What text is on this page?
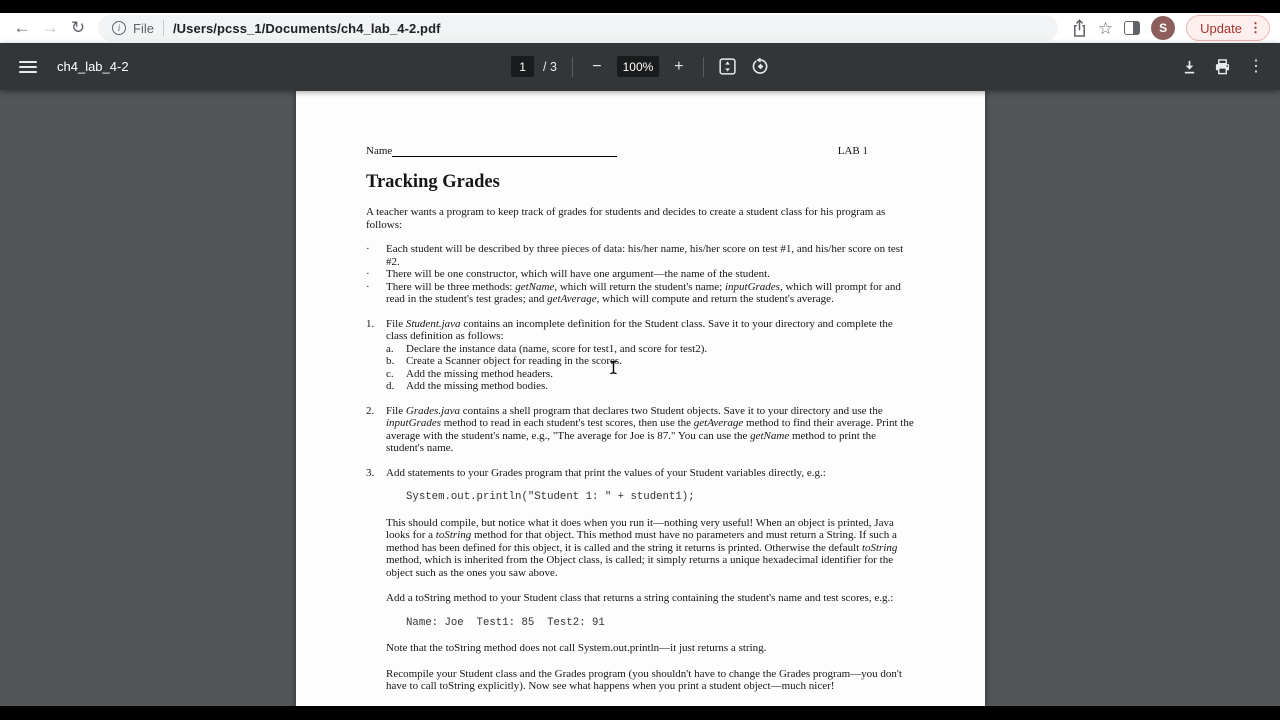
← → ↻	i File /Users/pcss_1/Documents/ch4_lab_4-2.pdf	☆	S	Update ⋮
ch4_lab_4-2	1	/ 3 −	100%	+	⋮
Name	LAB 1
Tracking Grades
A teacher wants a program to keep track of grades for students and decides to create a student class for his program as follows:
·	Each student will be described by three pieces of data: his/her name, his/her score on test #1, and his/her score on test #2.
·	There will be one constructor, which will have one argument—the name of the student.
·	There will be three methods: getName, which will return the student's name; inputGrades, which will prompt for and read in the student's test grades; and getAverage, which will compute and return the student's average.
1.	File Student.java contains an incomplete definition for the Student class. Save it to your directory and complete the class definition as follows:
a.	Declare the instance data (name, score for test1, and score for test2).
b.	Create a Scanner object for reading in the scores.
c.	Add the missing method headers.
d.	Add the missing method bodies.
2.	File Grades.java contains a shell program that declares two Student objects. Save it to your directory and use the inputGrades method to read in each student's test scores, then use the getAverage method to find their average. Print the average with the student's name, e.g., "The average for Joe is 87." You can use the getName method to print the student's name.
3.	Add statements to your Grades program that print the values of your Student variables directly, e.g.:
System.out.println("Student 1: " + student1);
This should compile, but notice what it does when you run it—nothing very useful! When an object is printed, Java looks for a toString method for that object. This method must have no parameters and must return a String. If such a method has been defined for this object, it is called and the string it returns is printed. Otherwise the default toString method, which is inherited from the Object class, is called; it simply returns a unique hexadecimal identifier for the object such as the ones you saw above.
Add a toString method to your Student class that returns a string containing the student's name and test scores, e.g.:
Name: Joe  Test1: 85  Test2: 91
Note that the toString method does not call System.out.println—it just returns a string.
Recompile your Student class and the Grades program (you shouldn't have to change the Grades program—you don't have to call toString explicitly). Now see what happens when you print a student object—much nicer!
